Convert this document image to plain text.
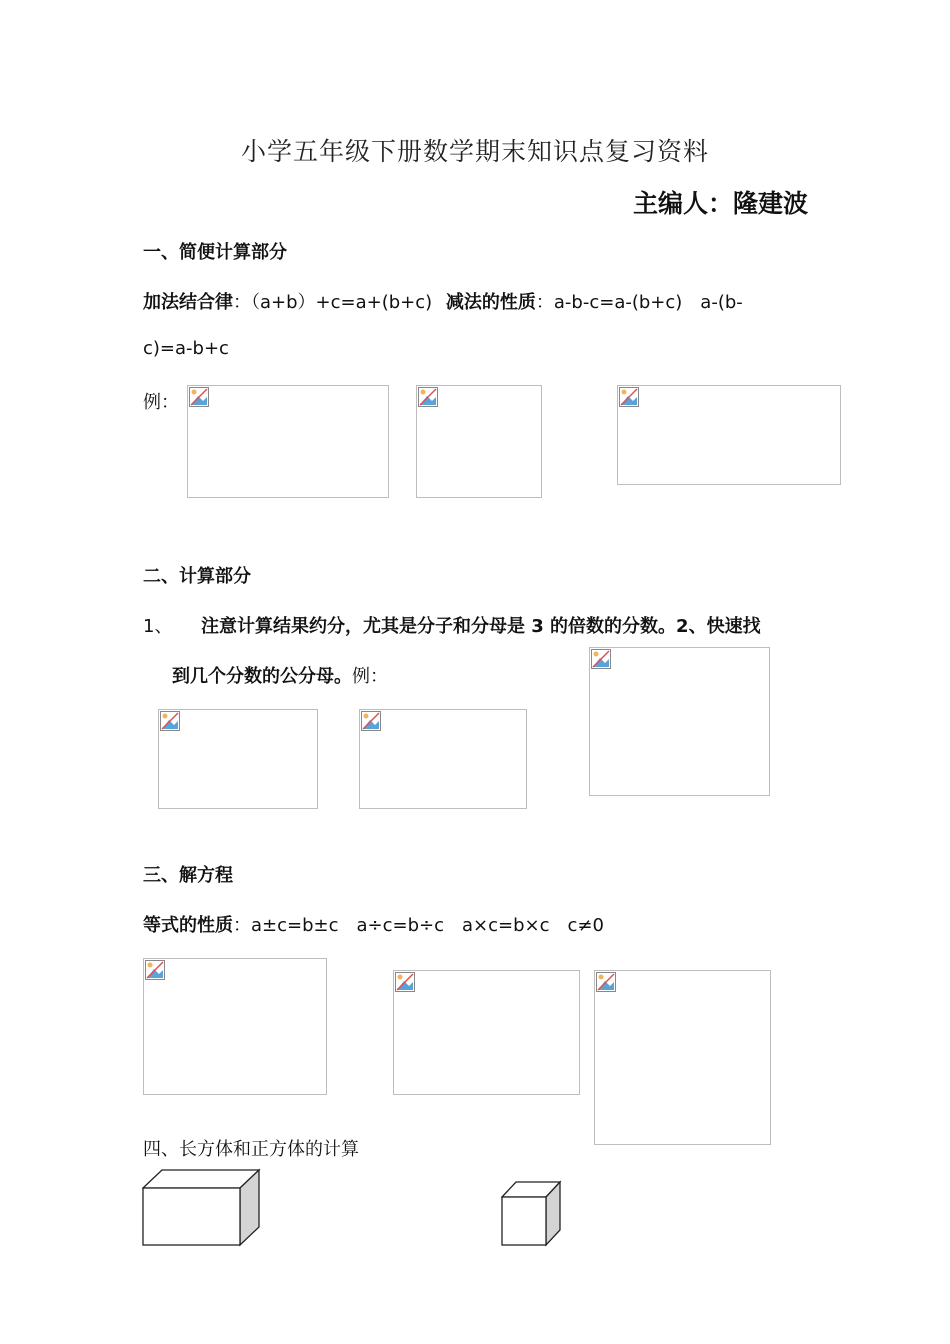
小学五年级下册数学期末知识点复习资料
主编人：隆建波
一、简便计算部分
加法结合律：（a+b）+c=a+(b+c) 减法的性质：a-b-c=a-(b+c)　a-(b-
c)=a-b+c
例：
二、计算部分
1、 注意计算结果约分，尤其是分子和分母是 3 的倍数的分数。2、快速找
到几个分数的公分母。例：
三、解方程
等式的性质：a±c=b±c　a÷c=b÷c　a×c=b×c　c≠0
四、长方体和正方体的计算
